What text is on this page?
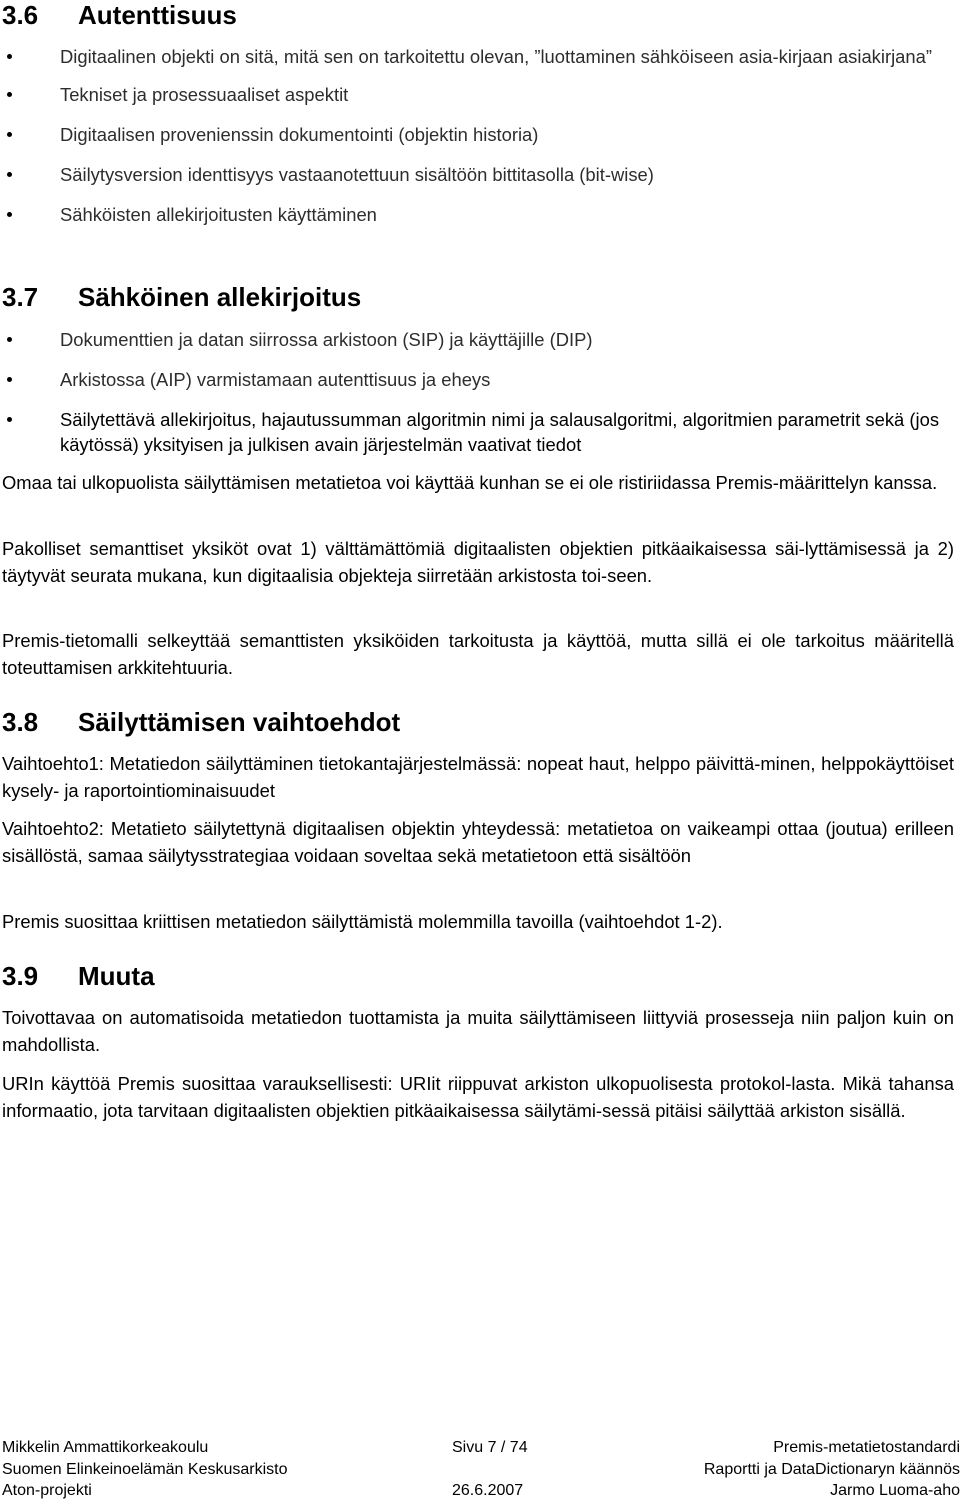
3.6 Autenttisuus
Digitaalinen objekti on sitä, mitä sen on tarkoitettu olevan, ”luottaminen sähköiseen asia-kirjaan asiakirjana”
Tekniset ja prosessuaaliset aspektit
Digitaalisen provenienssin dokumentointi (objektin historia)
Säilytysversion identtisyys vastaanotettuun sisältöön bittitasolla (bit-wise)
Sähköisten allekirjoitusten käyttäminen
3.7 Sähköinen allekirjoitus
Dokumenttien ja datan siirrossa arkistoon (SIP) ja käyttäjille (DIP)
Arkistossa (AIP) varmistamaan autenttisuus ja eheys
Säilytettävä allekirjoitus, hajautussumman algoritmin nimi ja salausalgoritmi, algoritmien parametrit sekä (jos käytössä) yksityisen ja julkisen avain järjestelmän vaativat tiedot

Omaa tai ulkopuolista säilyttämisen metatietoa voi käyttää kunhan se ei ole ristiriidassa Premis-määrittelyn kanssa.

Pakolliset semanttiset yksiköt ovat 1) välttämättömiä digitaalisten objektien pitkäaikaisessa säi-lyttämisessä ja 2) täytyvät seurata mukana, kun digitaalisia objekteja siirretään arkistosta toi-seen.

Premis-tietomalli selkeyttää semanttisten yksiköiden tarkoitusta ja käyttöä, mutta sillä ei ole tarkoitus määritellä toteuttamisen arkkitehtuuria.

3.8 Säilyttämisen vaihtoehdot

Vaihtoehto1: Metatiedon säilyttäminen tietokantajärjestelmässä: nopeat haut, helppo päivittä-minen, helppokäyttöiset kysely- ja raportointiominaisuudet

Vaihtoehto2: Metatieto säilytettynä digitaalisen objektin yhteydessä: metatietoa on vaikeampi ottaa (joutua) erilleen sisällöstä, samaa säilytysstrategiaa voidaan soveltaa sekä metatietoon että sisältöön

Premis suosittaa kriittisen metatiedon säilyttämistä molemmilla tavoilla (vaihtoehdot 1-2).

3.9 Muuta

Toivottavaa on automatisoida metatiedon tuottamista ja muita säilyttämiseen liittyviä prosesseja niin paljon kuin on mahdollista.

URIn käyttöä Premis suosittaa varauksellisesti: URIit riippuvat arkiston ulkopuolisesta protokol-lasta. Mikä tahansa informaatio, jota tarvitaan digitaalisten objektien pitkäaikaisessa säilytämi-sessä pitäisi säilyttää arkiston sisällä.

Mikkelin Ammattikorkeakoulu	Sivu 7 / 74	Premis-metatietostandardi
Suomen Elinkeinoelämän Keskusarkisto	Raportti ja DataDictionaryn käännös
Aton-projekti	26.6.2007	Jarmo Luoma-aho
